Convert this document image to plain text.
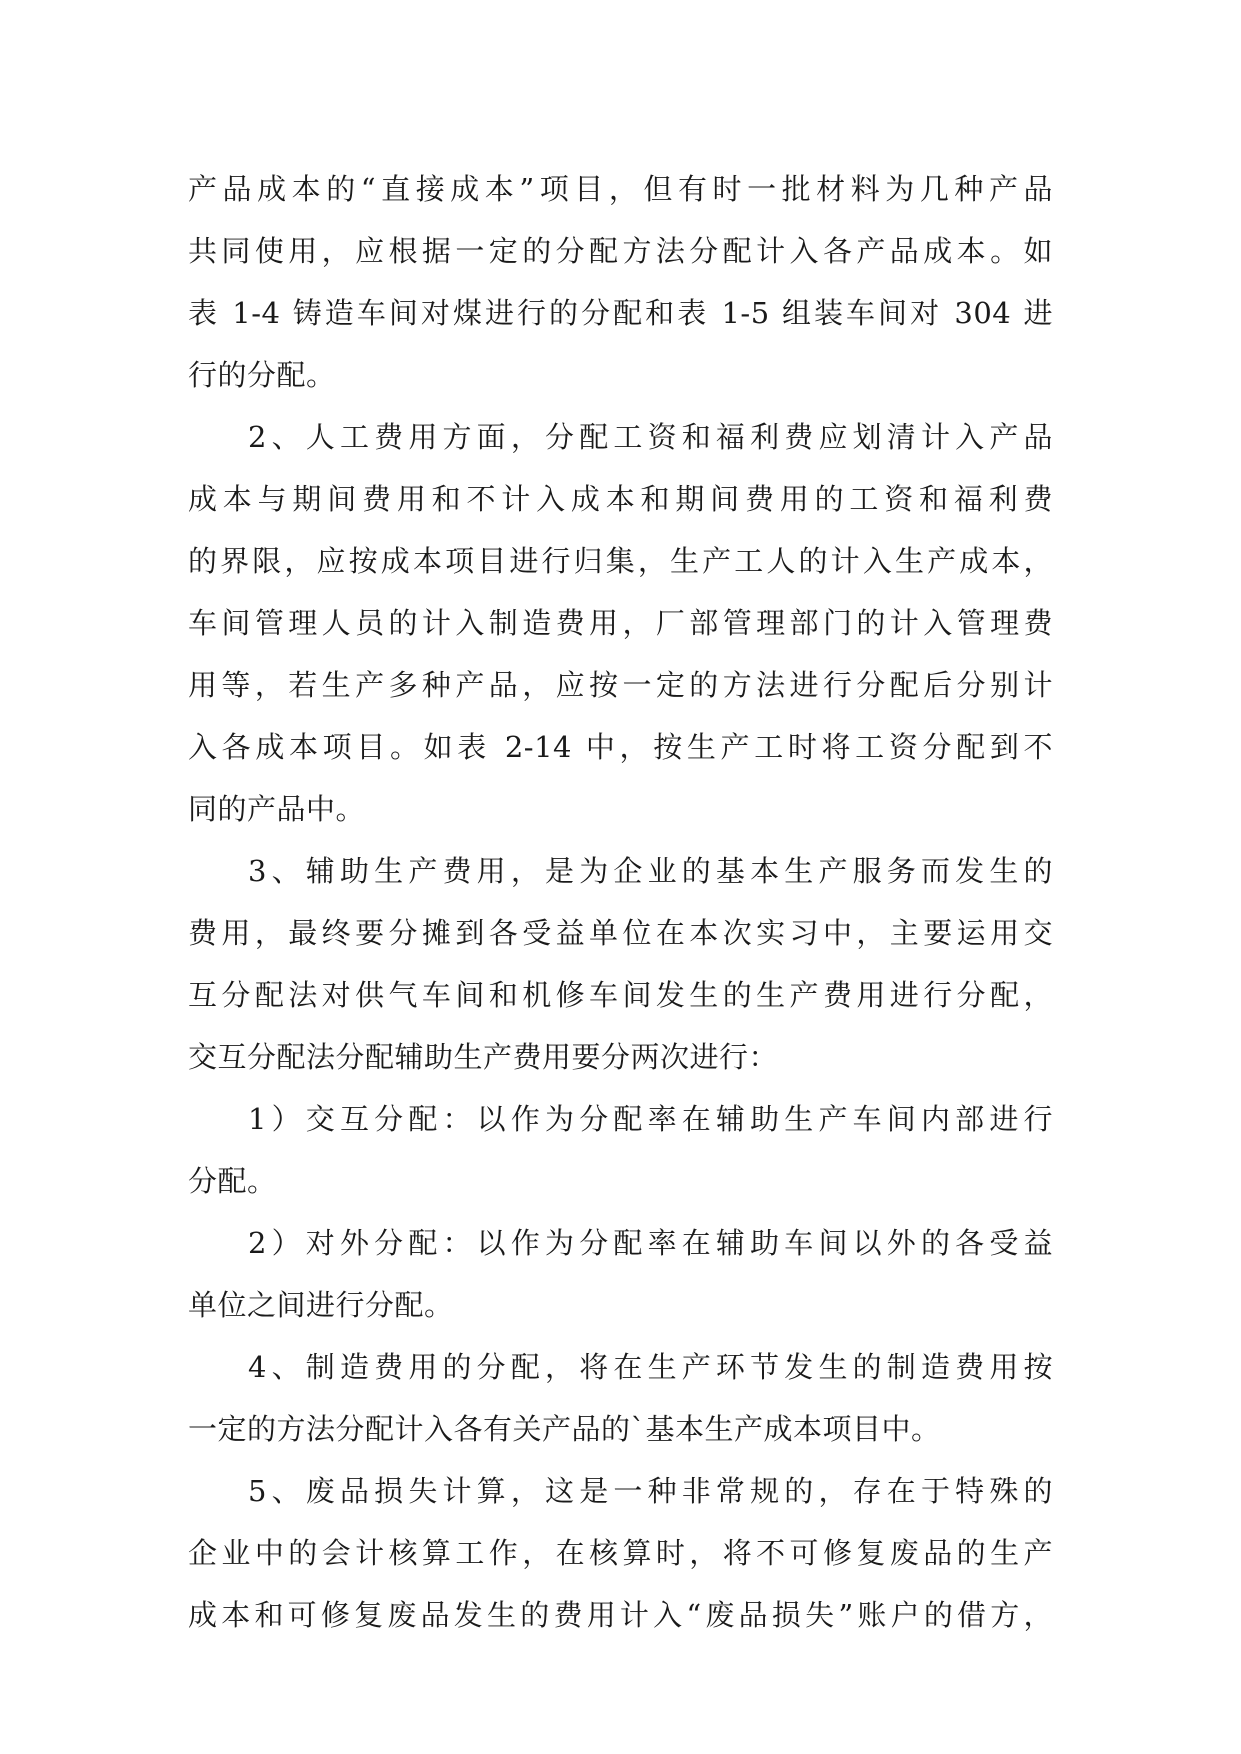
产品成本的“直接成本”项目，但有时一批材料为几种产品
共同使用，应根据一定的分配方法分配计入各产品成本。如
表 1-4 铸造车间对煤进行的分配和表 1-5 组装车间对 304 进
行的分配。
2、人工费用方面，分配工资和福利费应划清计入产品
成本与期间费用和不计入成本和期间费用的工资和福利费
的界限，应按成本项目进行归集，生产工人的计入生产成本，
车间管理人员的计入制造费用，厂部管理部门的计入管理费
用等，若生产多种产品，应按一定的方法进行分配后分别计
入各成本项目。如表 2-14 中，按生产工时将工资分配到不
同的产品中。
3、辅助生产费用，是为企业的基本生产服务而发生的
费用，最终要分摊到各受益单位在本次实习中，主要运用交
互分配法对供气车间和机修车间发生的生产费用进行分配，
交互分配法分配辅助生产费用要分两次进行：
1）交互分配：以作为分配率在辅助生产车间内部进行
分配。
2）对外分配：以作为分配率在辅助车间以外的各受益
单位之间进行分配。
4、制造费用的分配，将在生产环节发生的制造费用按
一定的方法分配计入各有关产品的`基本生产成本项目中。
5、废品损失计算，这是一种非常规的，存在于特殊的
企业中的会计核算工作，在核算时，将不可修复废品的生产
成本和可修复废品发生的费用计入“废品损失”账户的借方，
